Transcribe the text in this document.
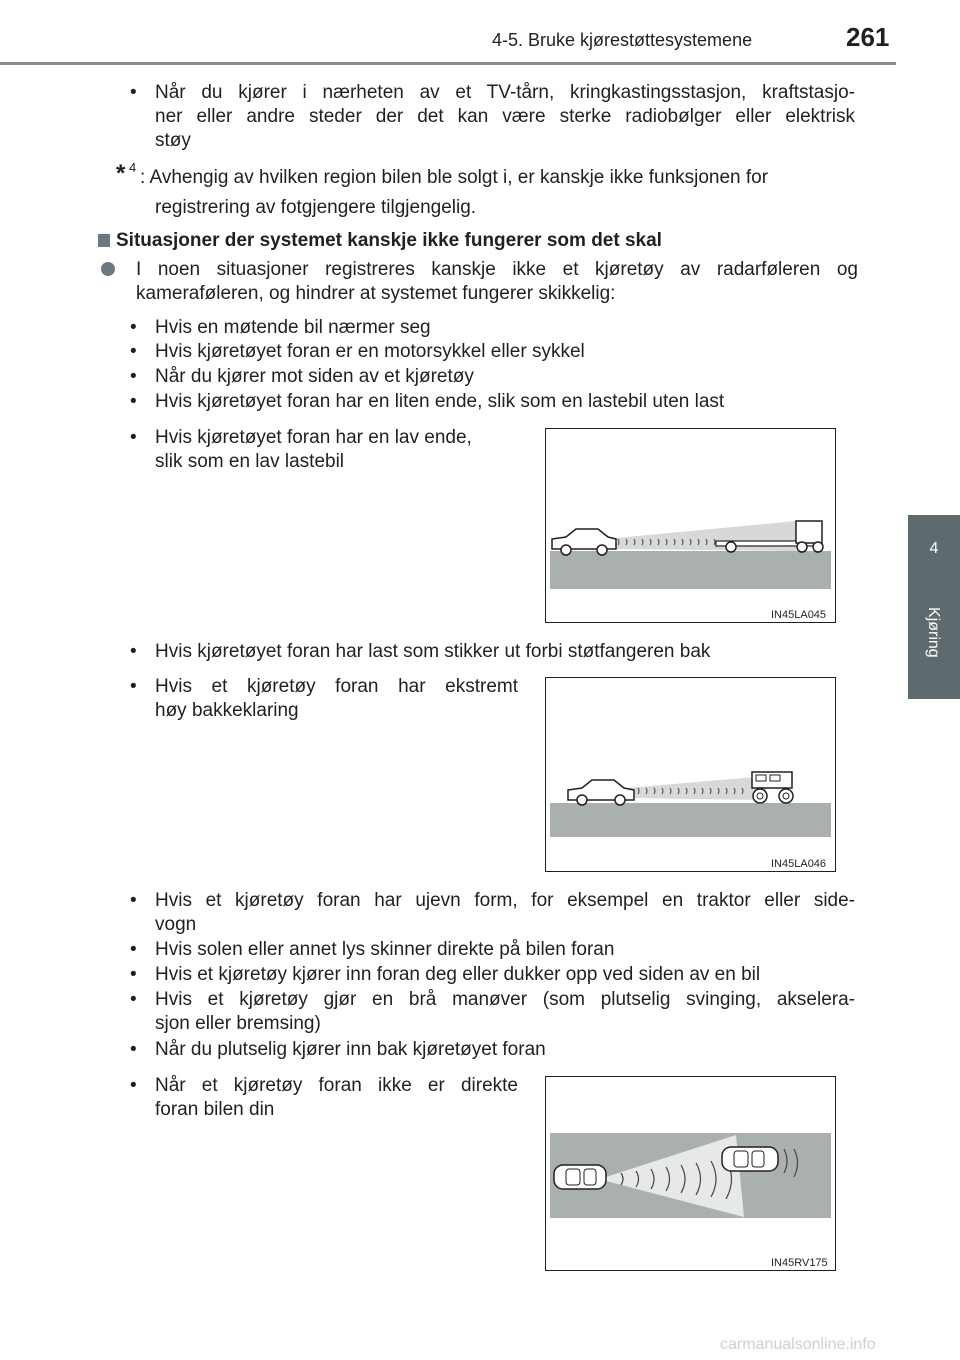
4-5. Bruke kjørestøttesystemene	261
4
Kjøring
• Når du kjører i nærheten av et TV-tårn, kringkastingsstasjon, kraftstasjo-
ner eller andre steder der det kan være sterke radiobølger eller elektrisk
støy
* 4 : Avhengig av hvilken region bilen ble solgt i, er kanskje ikke funksjonen for
registrering av fotgjengere tilgjengelig.
Situasjoner der systemet kanskje ikke fungerer som det skal
I noen situasjoner registreres kanskje ikke et kjøretøy av radarføleren og
kameraføleren, og hindrer at systemet fungerer skikkelig:
• Hvis en møtende bil nærmer seg
• Hvis kjøretøyet foran er en motorsykkel eller sykkel
• Når du kjører mot siden av et kjøretøy
• Hvis kjøretøyet foran har en liten ende, slik som en lastebil uten last
• Hvis kjøretøyet foran har en lav ende,
slik som en lav lastebil
IN45LA045
• Hvis kjøretøyet foran har last som stikker ut forbi støtfangeren bak
• Hvis et kjøretøy foran har ekstremt
høy bakkeklaring
IN45LA046
• Hvis et kjøretøy foran har ujevn form, for eksempel en traktor eller side-
vogn
• Hvis solen eller annet lys skinner direkte på bilen foran
• Hvis et kjøretøy kjører inn foran deg eller dukker opp ved siden av en bil
• Hvis et kjøretøy gjør en brå manøver (som plutselig svinging, akselera-
sjon eller bremsing)
• Når du plutselig kjører inn bak kjøretøyet foran
• Når et kjøretøy foran ikke er direkte
foran bilen din
IN45RV175
carmanualsonline.info
